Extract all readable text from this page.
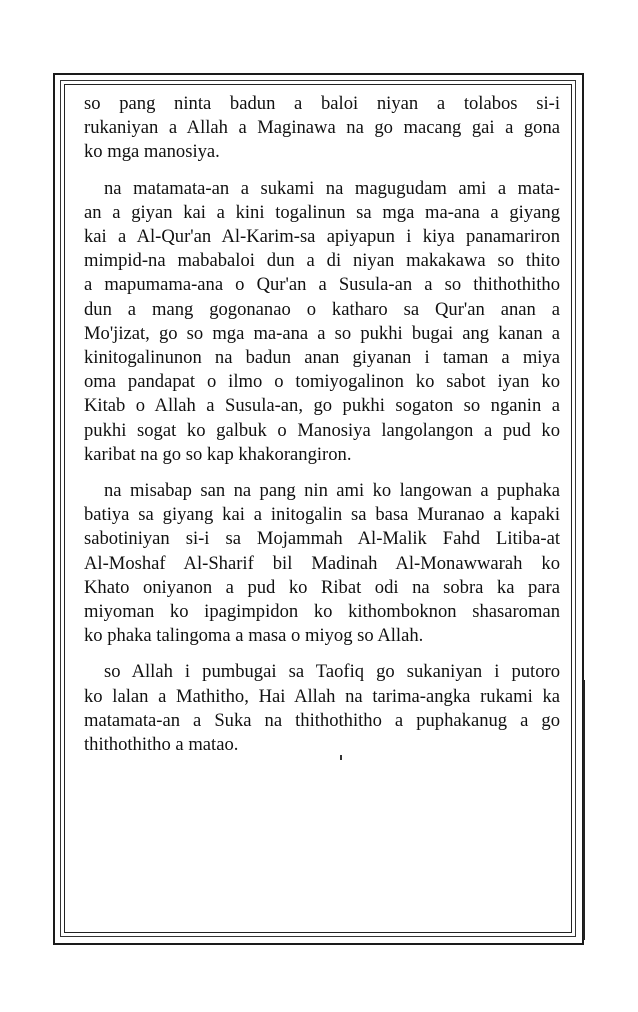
so pang ninta badun a baloi niyan a tolabos si-i
rukaniyan a Allah a Maginawa na go macang gai a gona
ko mga manosiya.
na matamata-an a sukami na magugudam ami a mata-
an a giyan kai a kini togalinun sa mga ma-ana a giyang
kai a Al-Qur'an Al-Karim-sa apiyapun i kiya panamariron
mimpid-na mababaloi dun a di niyan makakawa so thito
a mapumama-ana o Qur'an a Susula-an a so thithothitho
dun a mang gogonanao o katharo sa Qur'an anan a
Mo'jizat, go so mga ma-ana a so pukhi bugai ang kanan a
kinitogalinunon na badun anan giyanan i taman a miya
oma pandapat o ilmo o tomiyogalinon ko sabot iyan ko
Kitab o Allah a Susula-an, go pukhi sogaton so nganin a
pukhi sogat ko galbuk o Manosiya langolangon a pud ko
karibat na go so kap khakorangiron.
na misabap san na pang nin ami ko langowan a puphaka
batiya sa giyang kai a initogalin sa basa Muranao a kapaki
sabotiniyan si-i sa Mojammah Al-Malik Fahd Litiba-at
Al-Moshaf Al-Sharif bil Madinah Al-Monawwarah ko
Khato oniyanon a pud ko Ribat odi na sobra ka para
miyoman ko ipagimpidon ko kithomboknon shasaroman
ko phaka talingoma a masa o miyog so Allah.
so Allah i pumbugai sa Taofiq go sukaniyan i putoro
ko lalan a Mathitho, Hai Allah na tarima-angka rukami ka
matamata-an a Suka na thithothitho a puphakanug a go
thithothitho a matao.
